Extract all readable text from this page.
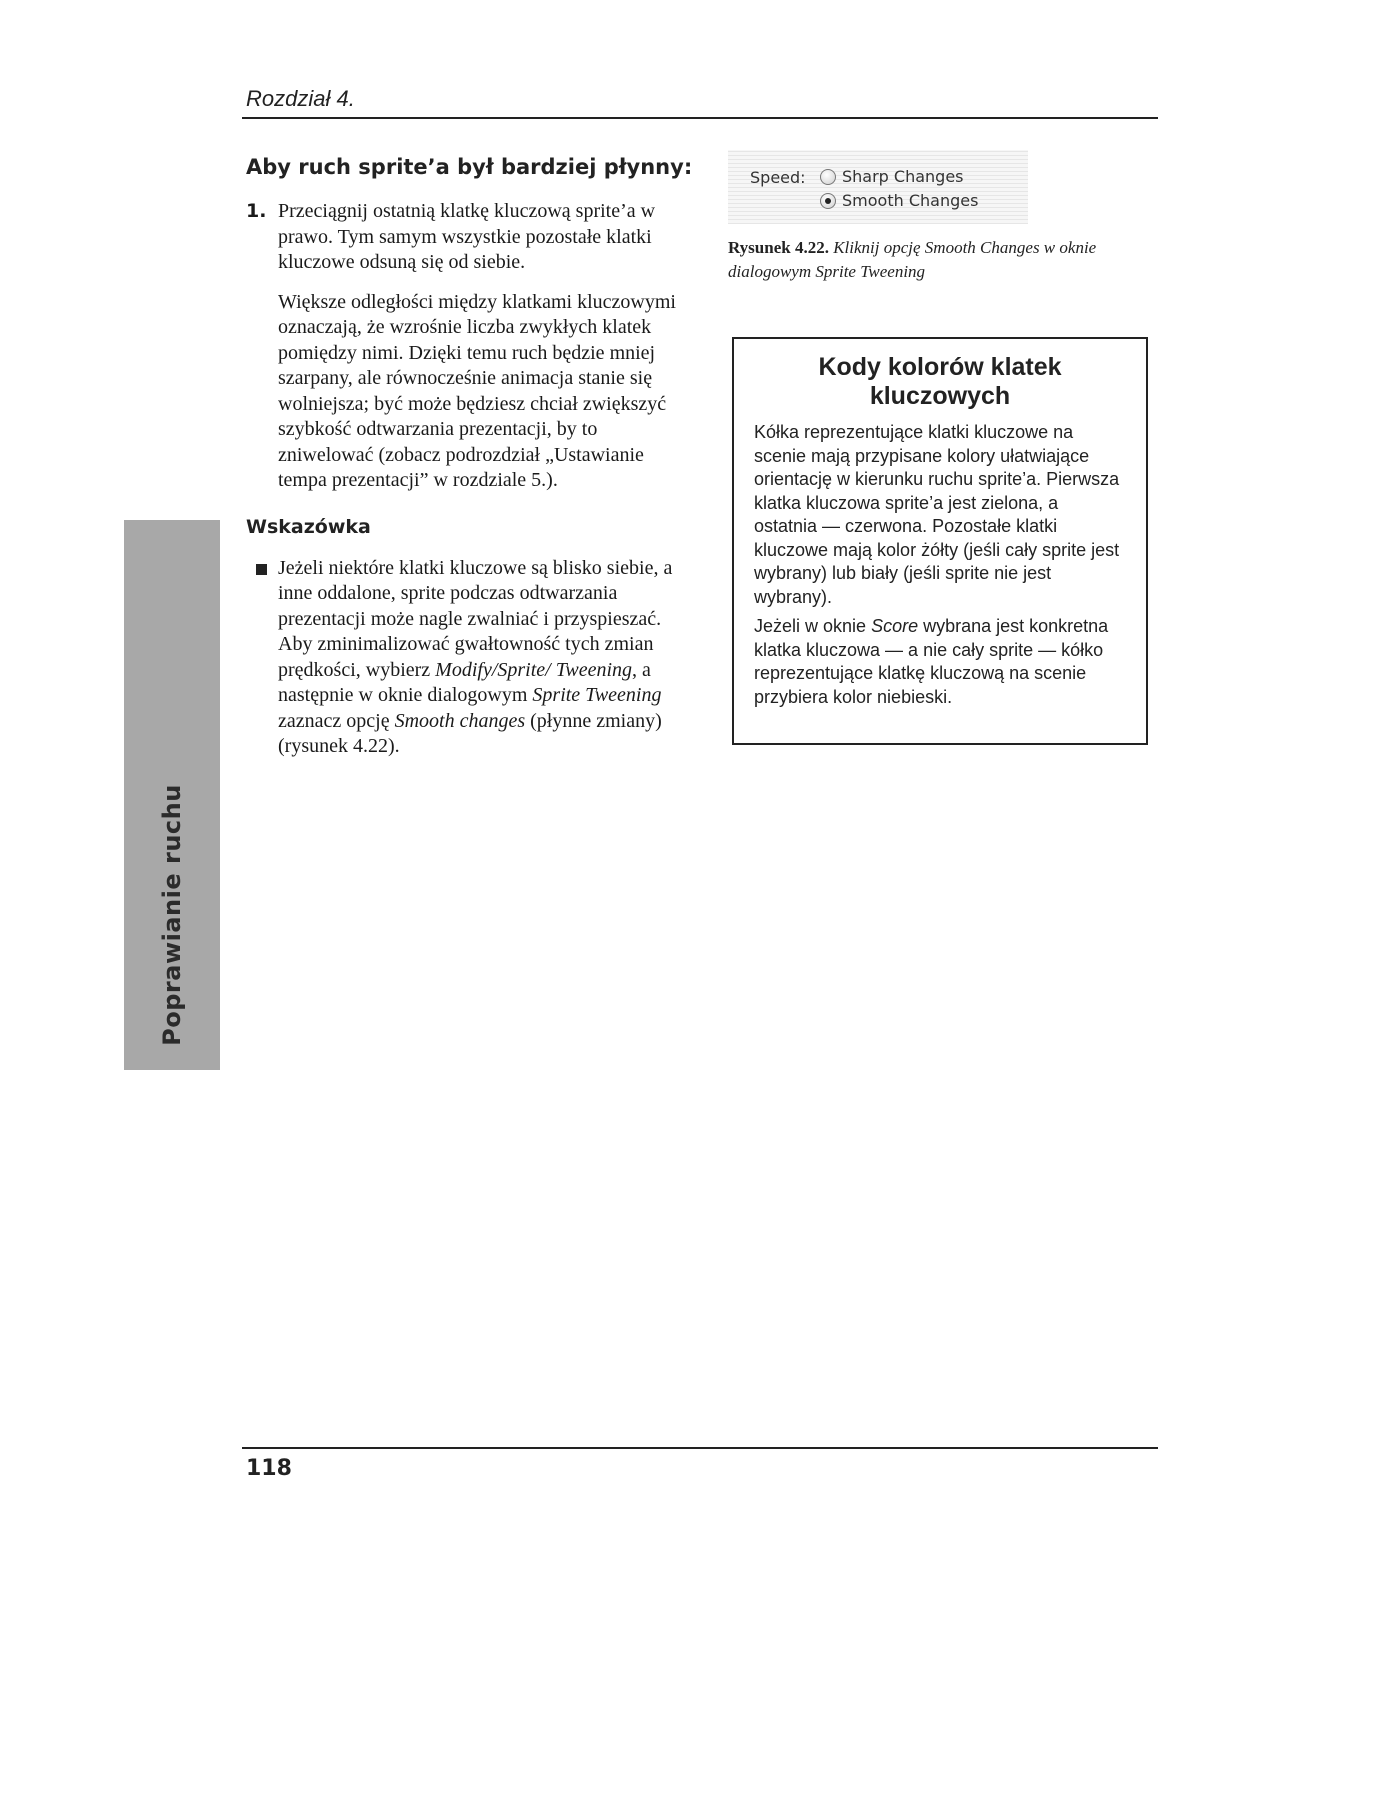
Rozdział 4.
Poprawianie ruchu
Aby ruch sprite’a był bardziej płynny:
1. Przeciągnij ostatnią klatkę kluczową sprite’a w prawo. Tym samym wszystkie pozostałe klatki kluczowe odsuną się od siebie.
Większe odległości między klatkami kluczowymi oznaczają, że wzrośnie liczba zwykłych klatek pomiędzy nimi. Dzięki temu ruch będzie mniej szarpany, ale równocześnie animacja stanie się wolniejsza; być może będziesz chciał zwiększyć szybkość odtwarzania prezentacji, by to zniwelować (zobacz podrozdział „Ustawianie tempa prezentacji” w rozdziale 5.).
Wskazówka
Jeżeli niektóre klatki kluczowe są blisko siebie, a inne oddalone, sprite podczas odtwarzania prezentacji może nagle zwalniać i przyspieszać. Aby zminimalizować gwałtowność tych zmian prędkości, wybierz Modify/Sprite/ Tweening, a następnie w oknie dialogowym Sprite Tweening zaznacz opcję Smooth changes (płynne zmiany) (rysunek 4.22).
Speed: Sharp Changes
Smooth Changes
Rysunek 4.22. Kliknij opcję Smooth Changes w oknie dialogowym Sprite Tweening
Kody kolorów klatek kluczowych
Kółka reprezentujące klatki kluczowe na scenie mają przypisane kolory ułatwiające orientację w kierunku ruchu sprite’a. Pierwsza klatka kluczowa sprite’a jest zielona, a ostatnia — czerwona. Pozostałe klatki kluczowe mają kolor żółty (jeśli cały sprite jest wybrany) lub biały (jeśli sprite nie jest wybrany).
Jeżeli w oknie Score wybrana jest konkretna klatka kluczowa — a nie cały sprite — kółko reprezentujące klatkę kluczową na scenie przybiera kolor niebieski.
118
